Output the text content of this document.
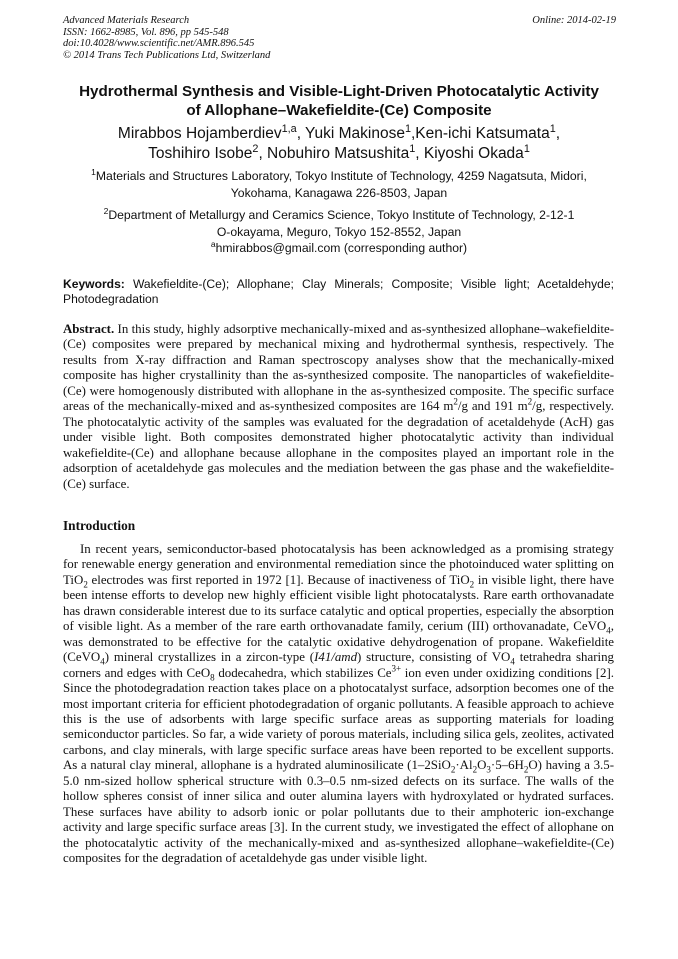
Advanced Materials Research
ISSN: 1662-8985, Vol. 896, pp 545-548
doi:10.4028/www.scientific.net/AMR.896.545
© 2014 Trans Tech Publications Ltd, Switzerland
Online: 2014-02-19
Hydrothermal Synthesis and Visible-Light-Driven Photocatalytic Activity
of Allophane–Wakefieldite-(Ce) Composite
Mirabbos Hojamberdiev$^{1,a}$, Yuki Makinose$^1$,Ken-ichi Katsumata$^1$,
Toshihiro Isobe$^2$, Nobuhiro Matsushita$^1$, Kiyoshi Okada$^1$
$^1$Materials and Structures Laboratory, Tokyo Institute of Technology, 4259 Nagatsuta, Midori,
Yokohama, Kanagawa 226-8503, Japan
$^2$Department of Metallurgy and Ceramics Science, Tokyo Institute of Technology, 2-12-1
O-okayama, Meguro, Tokyo 152-8552, Japan
$^a$hmirabbos@gmail.com (corresponding author)
Keywords: Wakefieldite-(Ce); Allophane; Clay Minerals; Composite; Visible light; Acetaldehyde; Photodegradation
Abstract. In this study, highly adsorptive mechanically-mixed and as-synthesized allophane–wakefieldite-(Ce) composites were prepared by mechanical mixing and hydrothermal synthesis, respectively. The results from X-ray diffraction and Raman spectroscopy analyses show that the mechanically-mixed composite has higher crystallinity than the as-synthesized composite. The nanoparticles of wakefieldite-(Ce) were homogenously distributed with allophane in the as-synthesized composite. The specific surface areas of the mechanically-mixed and as-synthesized composites are 164 $m^2/g$ and 191 $m^2/g$, respectively. The photocatalytic activity of the samples was evaluated for the degradation of acetaldehyde (AcH) gas under visible light. Both composites demonstrated higher photocatalytic activity than individual wakefieldite-(Ce) and allophane because allophane in the composites played an important role in the adsorption of acetaldehyde gas molecules and the mediation between the gas phase and the wakefieldite-(Ce) surface.
Introduction
In recent years, semiconductor-based photocatalysis has been acknowledged as a promising strategy for renewable energy generation and environmental remediation since the photoinduced water splitting on TiO$_2$ electrodes was first reported in 1972 [1]. Because of inactiveness of TiO$_2$ in visible light, there have been intense efforts to develop new highly efficient visible light photocatalysts. Rare earth orthovanadate has drawn considerable interest due to its surface catalytic and optical properties, especially the absorption of visible light. As a member of the rare earth orthovanadate family, cerium (III) orthovanadate, CeVO$_4$, was demonstrated to be effective for the catalytic oxidative dehydrogenation of propane. Wakefieldite (CeVO$_4$) mineral crystallizes in a zircon-type (I41/amd) structure, consisting of $VO_4$ tetrahedra sharing corners and edges with CeO$_8$ dodecahedra, which stabilizes $Ce^{3+}$ ion even under oxidizing conditions [2]. Since the photodegradation reaction takes place on a photocatalyst surface, adsorption becomes one of the most important criteria for efficient photodegradation of organic pollutants. A feasible approach to achieve this is the use of adsorbents with large specific surface areas as supporting materials for loading semiconductor particles. So far, a wide variety of porous materials, including silica gels, zeolites, activated carbons, and clay minerals, with large specific surface areas have been reported to be excellent supports. As a natural clay mineral, allophane is a hydrated aluminosilicate $(1-2SiO_2\cdot Al_2O_3\cdot 5-6H_2O)$ having a 3.5-5.0 nm-sized hollow spherical structure with 0.3–0.5 nm-sized defects on its surface. The walls of the hollow spheres consist of inner silica and outer alumina layers with hydroxylated or hydrated surfaces. These surfaces have ability to adsorb ionic or polar pollutants due to their amphoteric ion-exchange activity and large specific surface areas [3]. In the current study, we investigated the effect of allophane on the photocatalytic activity of the mechanically-mixed and as-synthesized allophane–wakefieldite-(Ce) composites for the degradation of acetaldehyde gas under visible light.
